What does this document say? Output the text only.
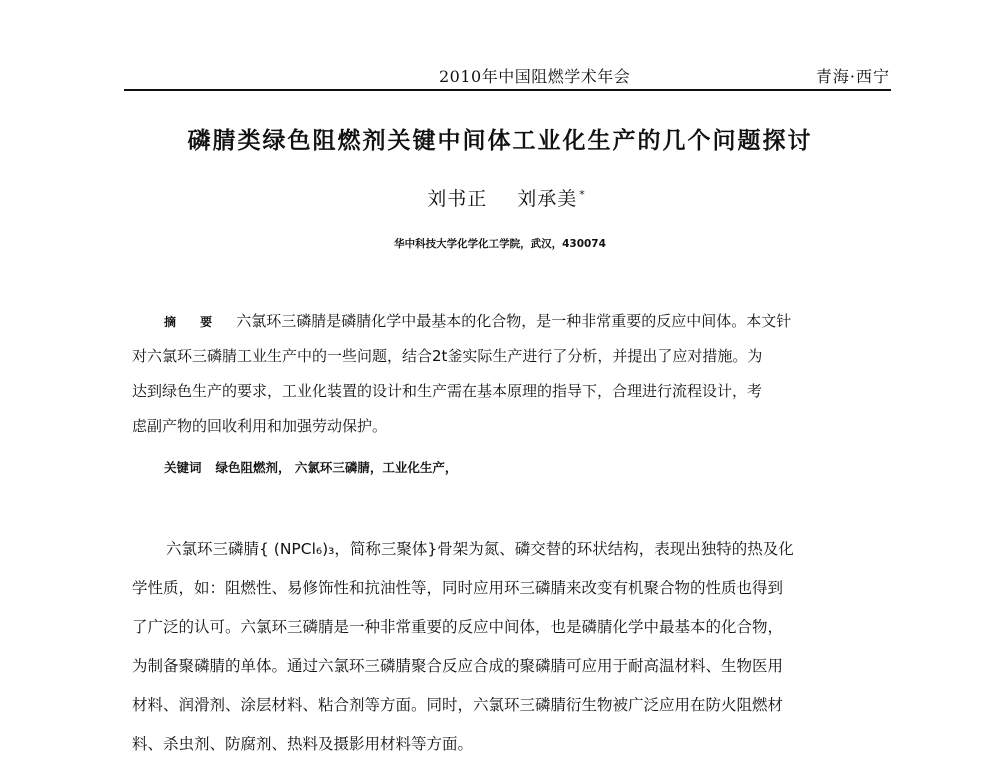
2010年中国阻燃学术年会	青海·西宁
磷腈类绿色阻燃剂关键中间体工业化生产的几个问题探讨
刘书正 刘承美 *
华中科技大学化学化工学院，武汉，430074
摘 要 六氯环三磷腈是磷腈化学中最基本的化合物，是一种非常重要的反应中间体。本文针
对六氯环三磷腈工业生产中的一些问题，结合2t釜实际生产进行了分析，并提出了应对措施。为
达到绿色生产的要求，工业化装置的设计和生产需在基本原理的指导下，合理进行流程设计，考
虑副产物的回收利用和加强劳动保护。
关键词 绿色阻燃剂， 六氯环三磷腈，工业化生产，
六氯环三磷腈{ (NPCl₆)₃，简称三聚体}骨架为氮、磷交替的环状结构，表现出独特的热及化
学性质，如：阻燃性、易修饰性和抗油性等，同时应用环三磷腈来改变有机聚合物的性质也得到
了广泛的认可。六氯环三磷腈是一种非常重要的反应中间体，也是磷腈化学中最基本的化合物，
为制备聚磷腈的单体。通过六氯环三磷腈聚合反应合成的聚磷腈可应用于耐高温材料、生物医用
材料、润滑剂、涂层材料、粘合剂等方面。同时，六氯环三磷腈衍生物被广泛应用在防火阻燃材
料、杀虫剂、防腐剂、热料及摄影用材料等方面。
